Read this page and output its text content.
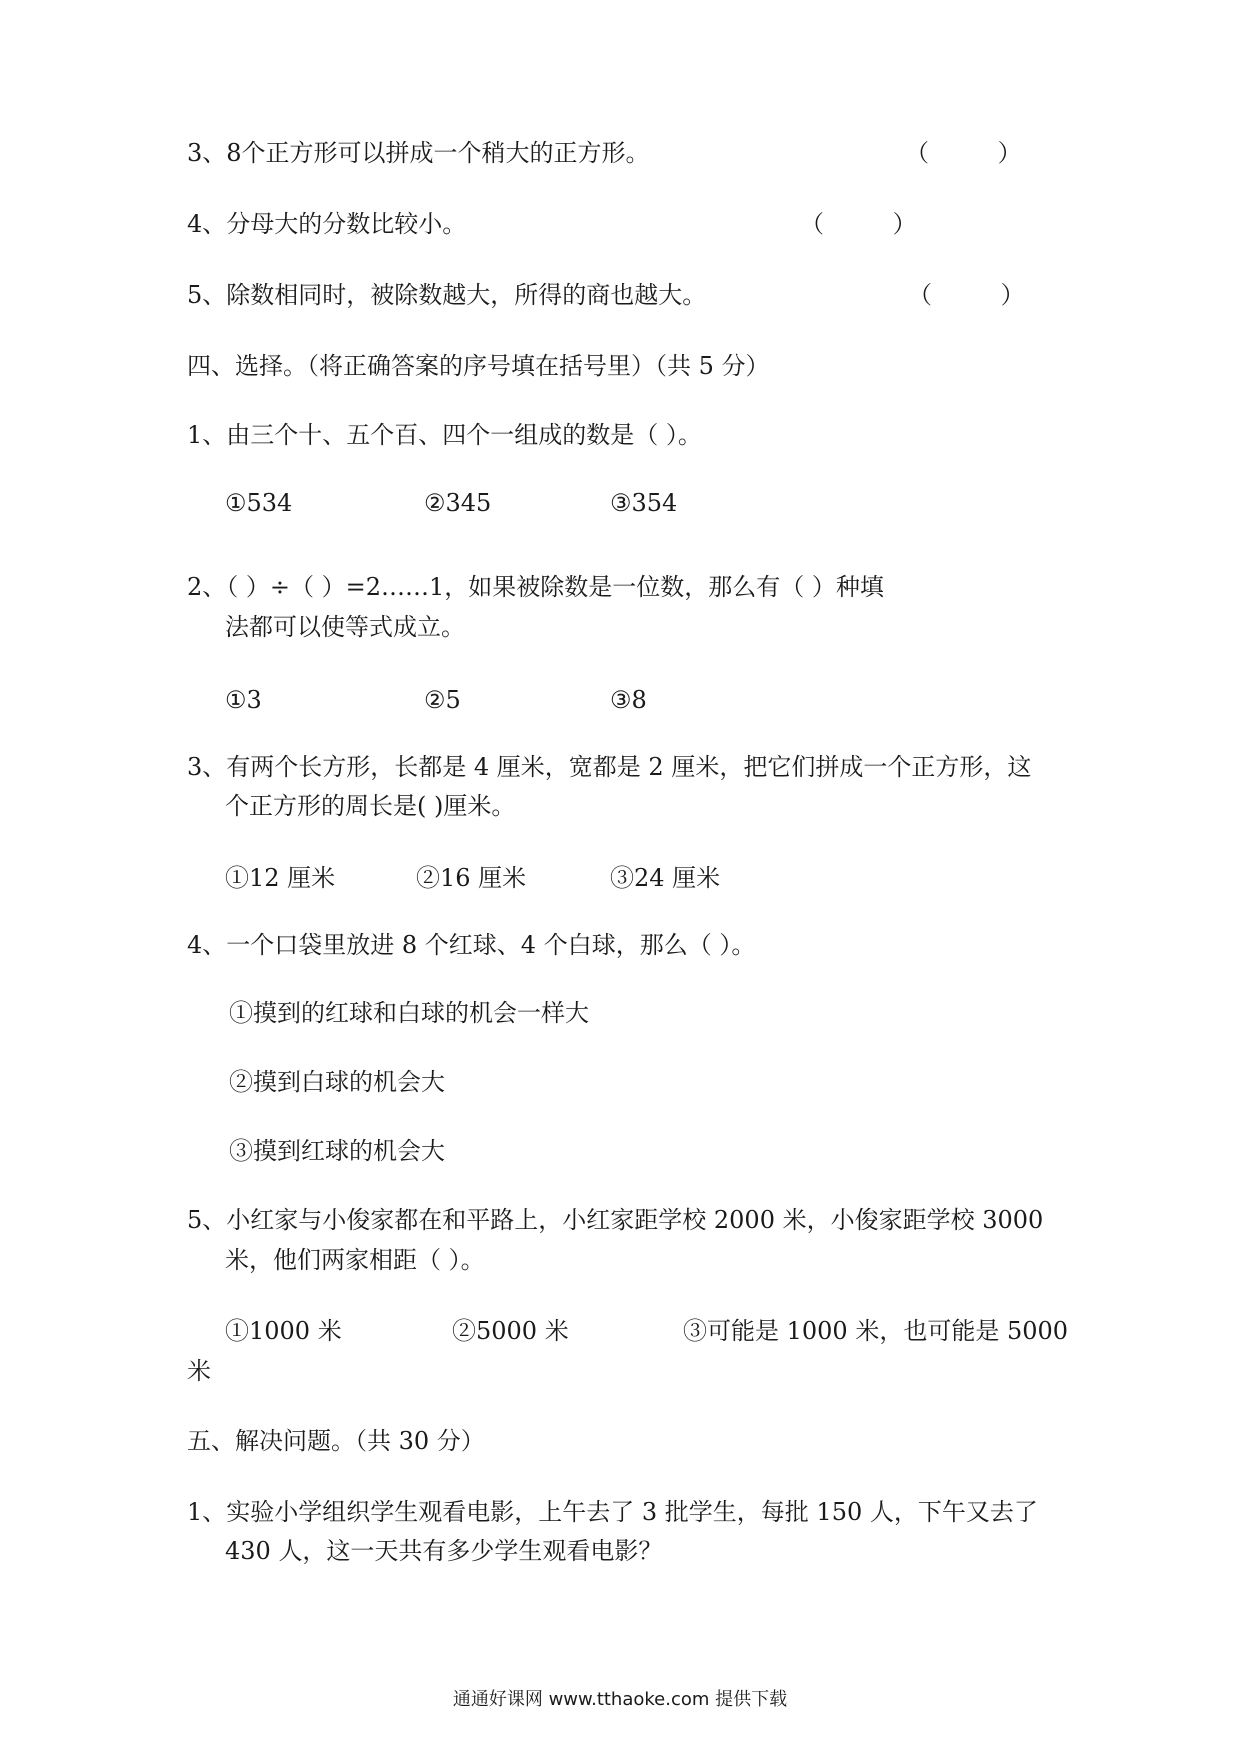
3、8个正方形可以拼成一个稍大的正方形。	（         ）
4、分母大的分数比较小。	（         ）
5、除数相同时，被除数越大，所得的商也越大。	（         ）
四、选择。（将正确答案的序号填在括号里）（共 5 分）
1、由三个十、五个百、四个一组成的数是（ ）。
①534	②345	③354
2、（ ）÷（ ）=2……1，如果被除数是一位数，那么有（ ）种填
法都可以使等式成立。
①3	②5	③8
3、有两个长方形，长都是 4 厘米，宽都是 2 厘米，把它们拼成一个正方形，这
个正方形的周长是( )厘米。
①12 厘米	②16 厘米	③24 厘米
4、一个口袋里放进 8 个红球、4 个白球，那么（ ）。
①摸到的红球和白球的机会一样大
②摸到白球的机会大
③摸到红球的机会大
5、小红家与小俊家都在和平路上，小红家距学校 2000 米，小俊家距学校 3000
米，他们两家相距（ ）。
①1000 米	②5000 米	③可能是 1000 米，也可能是 5000
米
五、解决问题。（共 30 分）
1、实验小学组织学生观看电影，上午去了 3 批学生，每批 150 人，下午又去了
430 人，这一天共有多少学生观看电影？
通通好课网 www.tthaoke.com 提供下载
